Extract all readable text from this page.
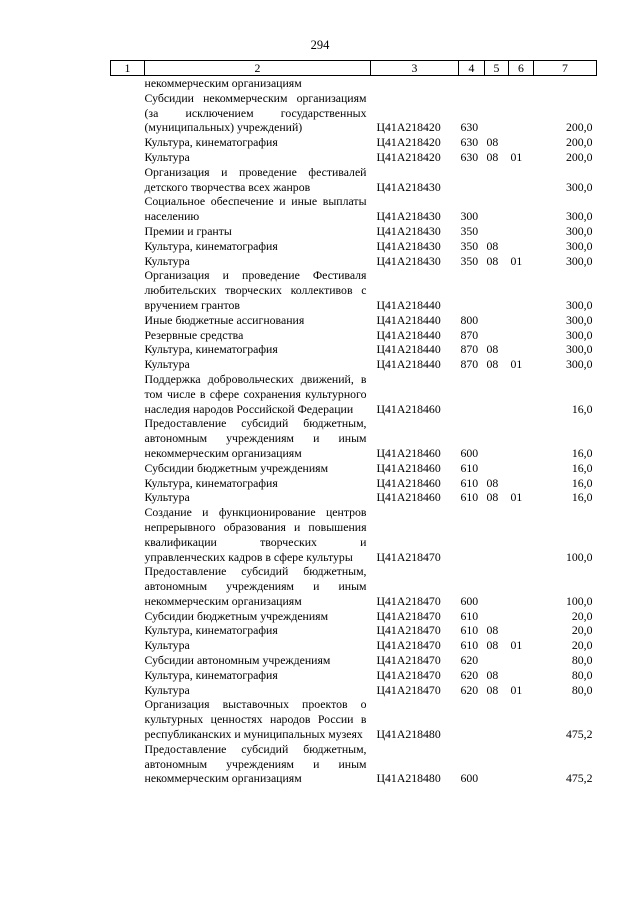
294
1	2	3	4	5	6	7
	некоммерческим организациям					
	Субсидии некоммерческим организациям (за исключением государственных (муниципальных) учреждений)	Ц41А218420	630			200,0
	Культура, кинематография	Ц41А218420	630	08		200,0
	Культура	Ц41А218420	630	08	01	200,0
	Организация и проведение фестивалей детского творчества всех жанров	Ц41А218430				300,0
	Социальное обеспечение и иные выплаты населению	Ц41А218430	300			300,0
	Премии и гранты	Ц41А218430	350			300,0
	Культура, кинематография	Ц41А218430	350	08		300,0
	Культура	Ц41А218430	350	08	01	300,0
	Организация и проведение Фестиваля любительских творческих коллективов с вручением грантов	Ц41А218440				300,0
	Иные бюджетные ассигнования	Ц41А218440	800			300,0
	Резервные средства	Ц41А218440	870			300,0
	Культура, кинематография	Ц41А218440	870	08		300,0
	Культура	Ц41А218440	870	08	01	300,0
	Поддержка добровольческих движений, в том числе в сфере сохранения культурного наследия народов Российской Федерации	Ц41А218460				16,0
	Предоставление субсидий бюджетным, автономным учреждениям и иным некоммерческим организациям	Ц41А218460	600			16,0
	Субсидии бюджетным учреждениям	Ц41А218460	610			16,0
	Культура, кинематография	Ц41А218460	610	08		16,0
	Культура	Ц41А218460	610	08	01	16,0
	Создание и функционирование центров непрерывного образования и повышения квалификации творческих и управленческих кадров в сфере культуры	Ц41А218470				100,0
	Предоставление субсидий бюджетным, автономным учреждениям и иным некоммерческим организациям	Ц41А218470	600			100,0
	Субсидии бюджетным учреждениям	Ц41А218470	610			20,0
	Культура, кинематография	Ц41А218470	610	08		20,0
	Культура	Ц41А218470	610	08	01	20,0
	Субсидии автономным учреждениям	Ц41А218470	620			80,0
	Культура, кинематография	Ц41А218470	620	08		80,0
	Культура	Ц41А218470	620	08	01	80,0
	Организация выставочных проектов о культурных ценностях народов России в республиканских и муниципальных музеях	Ц41А218480				475,2
	Предоставление субсидий бюджетным, автономным учреждениям и иным некоммерческим организациям	Ц41А218480	600			475,2
